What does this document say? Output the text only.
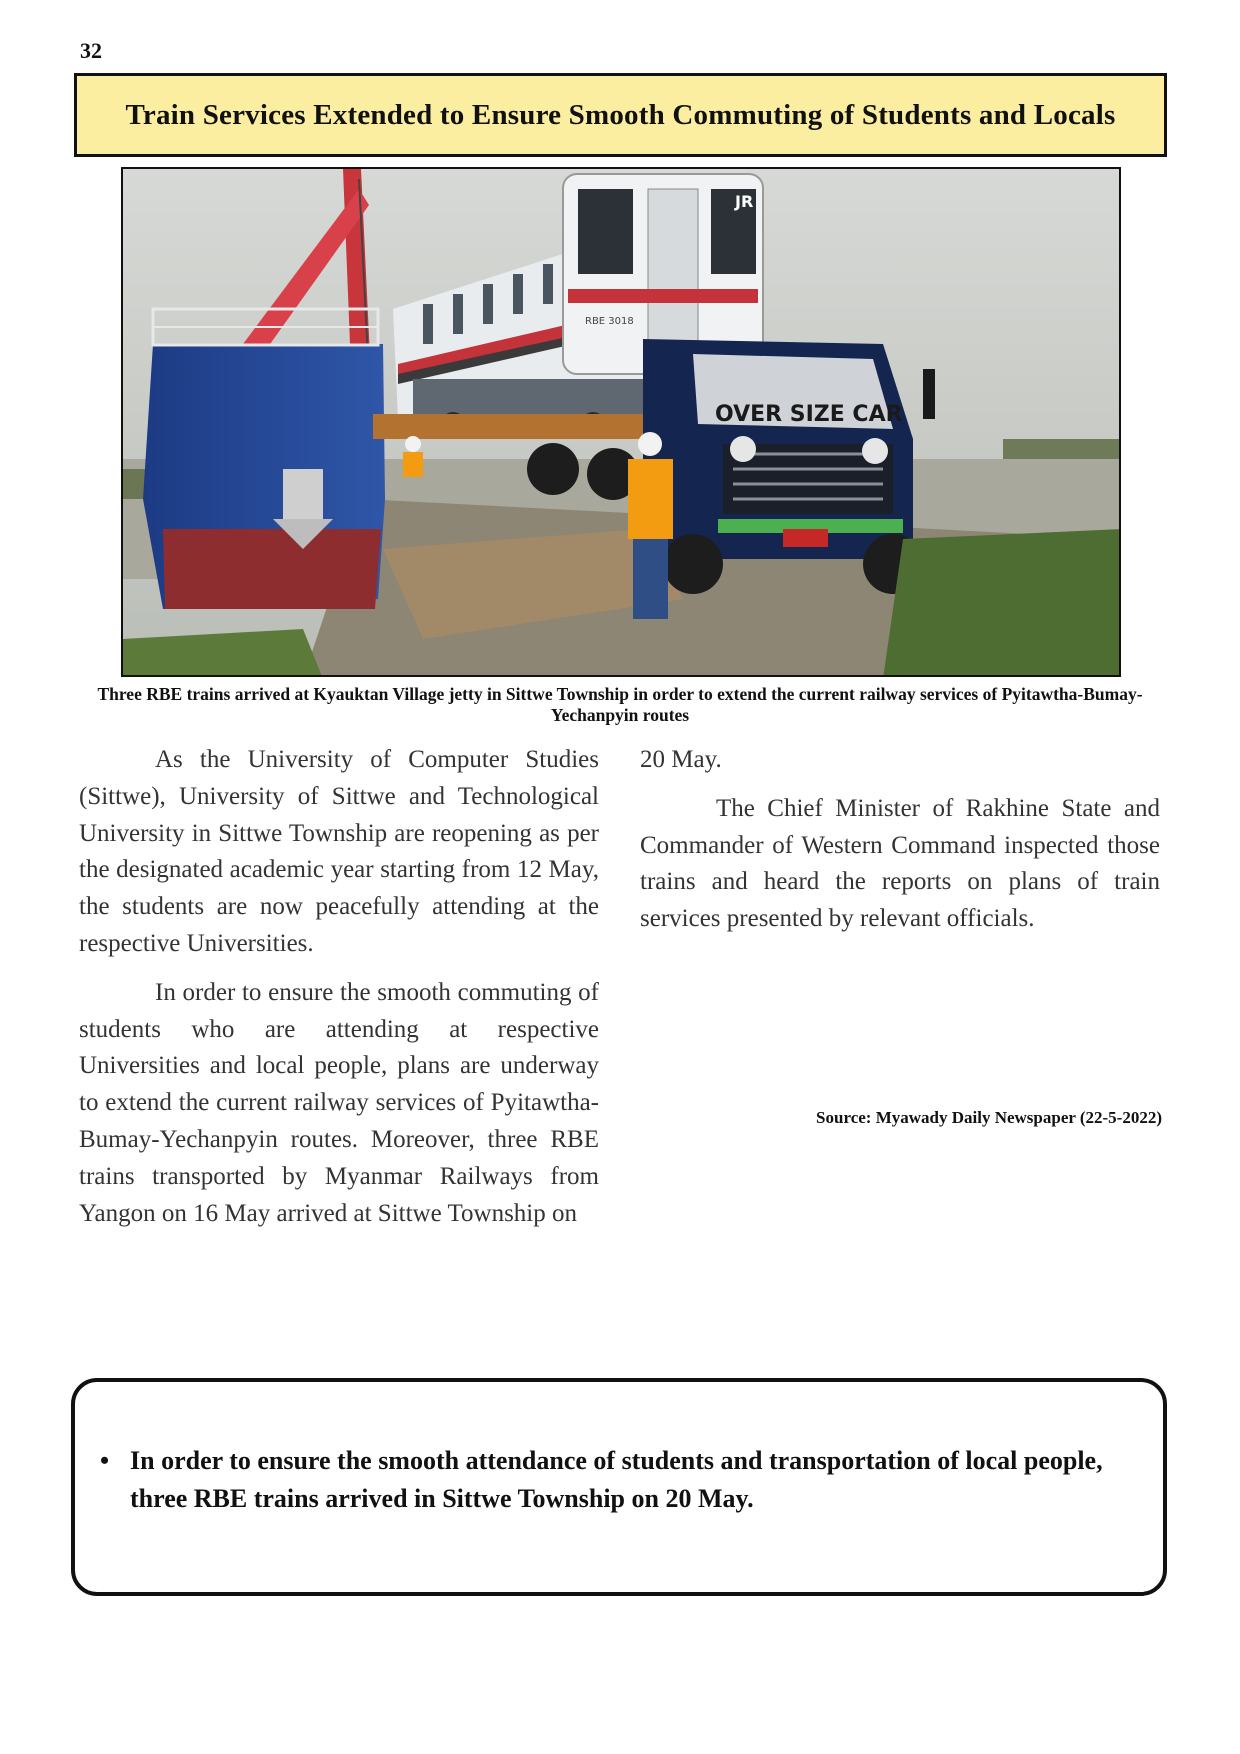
32
Train Services Extended to Ensure Smooth Commuting of Students and Locals
JR
RBE 3018
OVER SIZE CAR
Three RBE trains arrived at Kyauktan Village jetty in Sittwe Township in order to extend the current railway services of Pyitawtha-Bumay-Yechanpyin routes

As the University of Computer Studies (Sittwe), University of Sittwe and Technological University in Sittwe Township are reopening as per the designated academic year starting from 12 May, the students are now peacefully attending at the respective Universities.

In order to ensure the smooth commuting of students who are attending at respective Universities and local people, plans are underway to extend the current railway services of Pyitawtha-Bumay-Yechanpyin routes. Moreover, three RBE trains transported by Myanmar Railways from Yangon on 16 May arrived at Sittwe Township on

20 May.

The Chief Minister of Rakhine State and Commander of Western Command inspected those trains and heard the reports on plans of train services presented by relevant officials.

Source: Myawady Daily Newspaper (22-5-2022)
• In order to ensure the smooth attendance of students and transportation of local people, three RBE trains arrived in Sittwe Township on 20 May.
